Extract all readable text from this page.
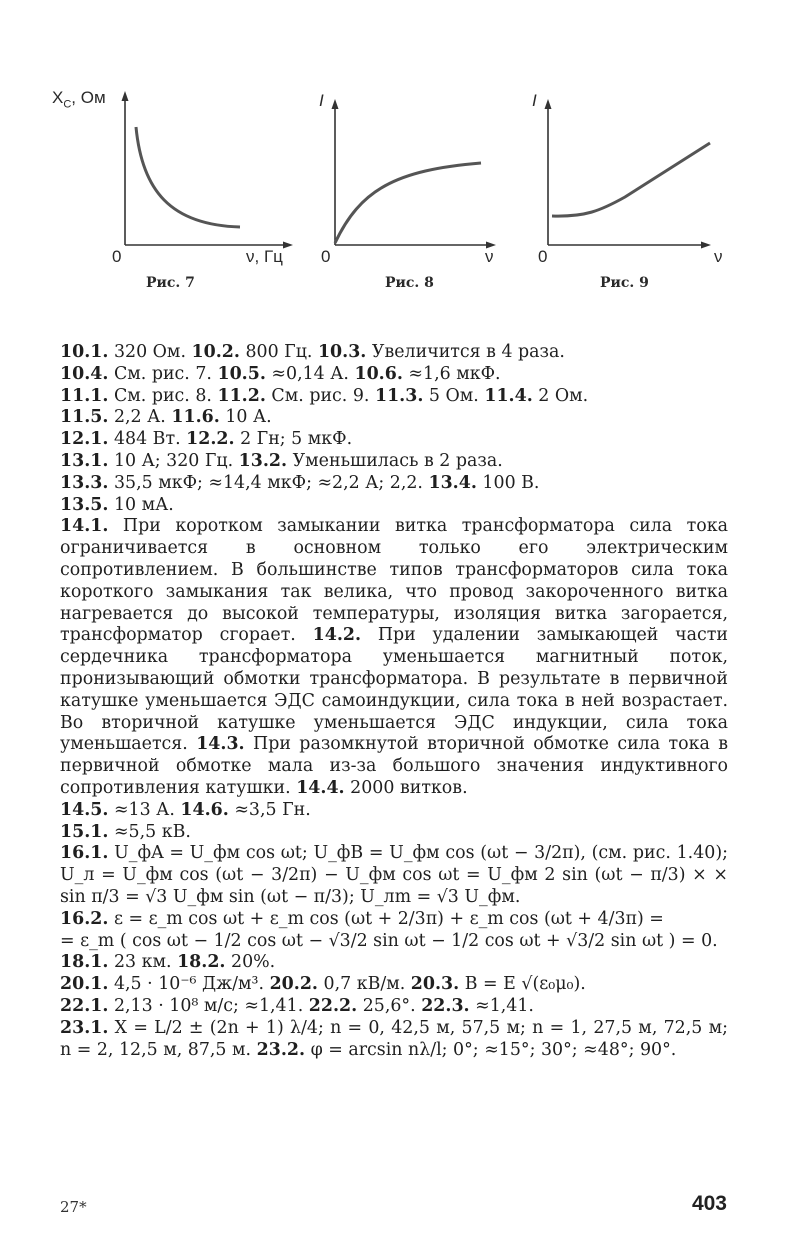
$X_C$, Ом
0	ν, Гц
Рис. 7
I
0	ν
Рис. 8
I
0	ν
Рис. 9

10.1. 320 Ом. 10.2. 800 Гц. 10.3. Увеличится в 4 раза.

10.4. См. рис. 7. 10.5. ≈0,14 А. 10.6. ≈1,6 мкФ.

11.1. См. рис. 8. 11.2. См. рис. 9. 11.3. 5 Ом. 11.4. 2 Ом.

11.5. 2,2 А. 11.6. 10 А.

12.1. 484 Вт. 12.2. 2 Гн; 5 мкФ.

13.1. 10 А; 320 Гц. 13.2. Уменьшилась в 2 раза.

13.3. 35,5 мкФ; ≈14,4 мкФ; ≈2,2 А; 2,2. 13.4. 100 В.

13.5. 10 мА.

14.1. При коротком замыкании витка трансформатора сила тока ограничивается в основном только его электрическим сопротивлением. В большинстве типов трансформаторов сила тока короткого замыкания так велика, что провод закороченного витка нагревается до высокой температуры, изоляция витка загорается, трансформатор сгорает. 14.2. При удалении замыкающей части сердечника трансформатора уменьшается магнитный поток, пронизывающий обмотки трансформатора. В результате в первичной катушке уменьшается ЭДС самоиндукции, сила тока в ней возрастает. Во вторичной катушке уменьшается ЭДС индукции, сила тока уменьшается. 14.3. При разомкнутой вторичной обмотке сила тока в первичной обмотке мала из-за большого значения индуктивного сопротивления катушки. 14.4. 2000 витков.

14.5. ≈13 А. 14.6. ≈3,5 Гн.

15.1. ≈5,5 кВ.

16.1. U_фA = U_фм cos ωt; U_фB = U_фм cos (ωt − 3/2π), (см. рис. 1.40); U_л = U_фм cos (ωt − 3/2π) − U_фм cos ωt = U_фм 2 sin (ωt − π/3) × × sin π/3 = √3 U_фм sin (ωt − π/3); U_лm = √3 U_фм.

16.2. ε = ε_m cos ωt + ε_m cos (ωt + 2/3π) + ε_m cos (ωt + 4/3π) =

= ε_m ( cos ωt − 1/2 cos ωt − √3/2 sin ωt − 1/2 cos ωt + √3/2 sin ωt ) = 0.

18.1. 23 км. 18.2. 20%.

20.1. 4,5 · 10⁻⁶ Дж/м³. 20.2. 0,7 кВ/м. 20.3. B = E √(ε₀μ₀).

22.1. 2,13 · 10⁸ м/с; ≈1,41. 22.2. 25,6°. 22.3. ≈1,41.

23.1. X = L/2 ± (2n + 1) λ/4; n = 0, 42,5 м, 57,5 м; n = 1, 27,5 м, 72,5 м; n = 2, 12,5 м, 87,5 м. 23.2. φ = arcsin nλ/l; 0°; ≈15°; 30°; ≈48°; 90°.

27*	403
